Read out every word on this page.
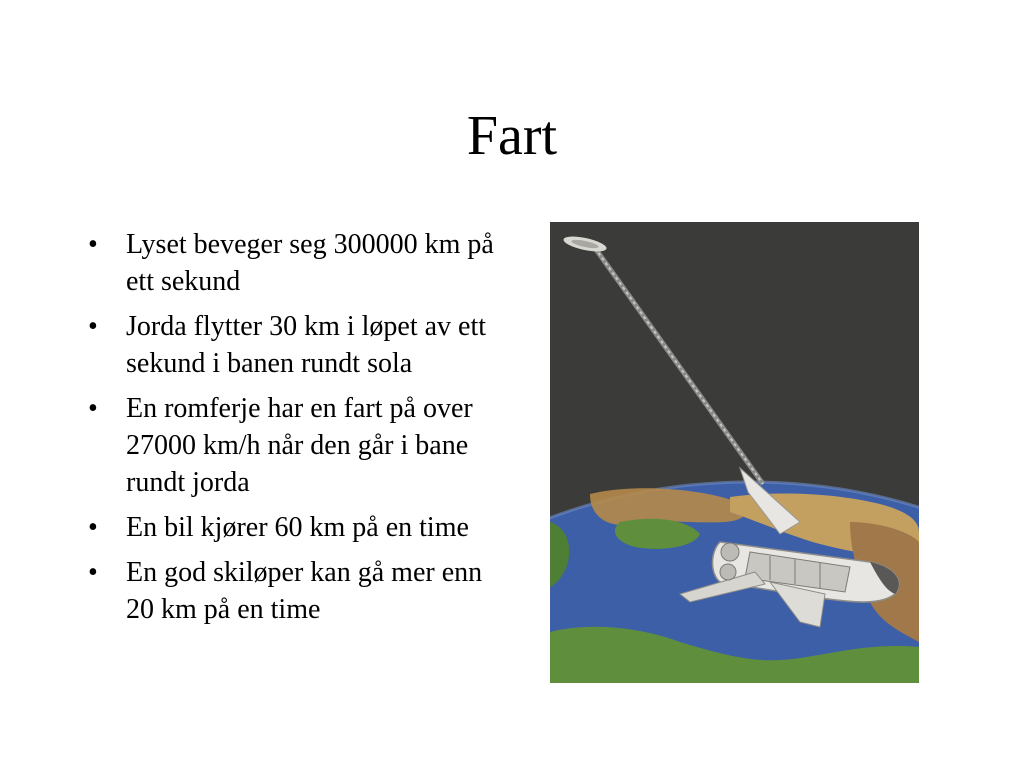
Fart
•	Lyset beveger seg 300000 km på ett sekund
•	Jorda flytter 30 km i løpet av ett sekund i banen rundt sola
•	En romferje har en fart på over 27000 km/h når den går i bane rundt jorda
•	En bil kjører 60 km på en time
•	En god skiløper kan gå mer enn 20 km på en time
